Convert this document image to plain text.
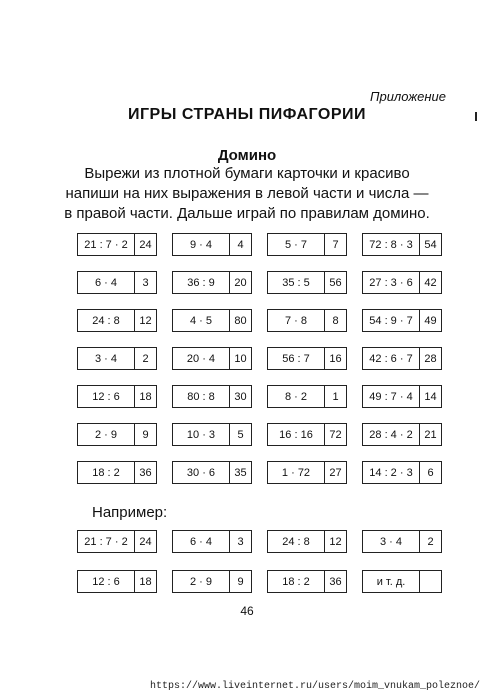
Приложение
ИГРЫ СТРАНЫ ПИФАГОРИИ
Домино
Вырежи из плотной бумаги карточки и красиво
напиши на них выражения в левой части и числа —
в правой части. Дальше играй по правилам домино.
21 : 7 · 2	24	9 · 4	4	5 · 7	7	72 : 8 · 3	54
6 · 4	3	36 : 9	20	35 : 5	56	27 : 3 · 6	42
24 : 8	12	4 · 5	80	7 · 8	8	54 : 9 · 7	49
3 · 4	2	20 · 4	10	56 : 7	16	42 : 6 · 7	28
12 : 6	18	80 : 8	30	8 · 2	1	49 : 7 · 4	14
2 · 9	9	10 · 3	5	16 : 16	72	28 : 4 · 2	21
18 : 2	36	30 · 6	35	1 · 72	27	14 : 2 · 3	6
Например:
21 : 7 · 2	24	6 · 4	3	24 : 8	12	3 · 4	2
12 : 6	18	2 · 9	9	18 : 2	36	и т. д.
46
https://www.liveinternet.ru/users/moim_vnukam_poleznoe/
